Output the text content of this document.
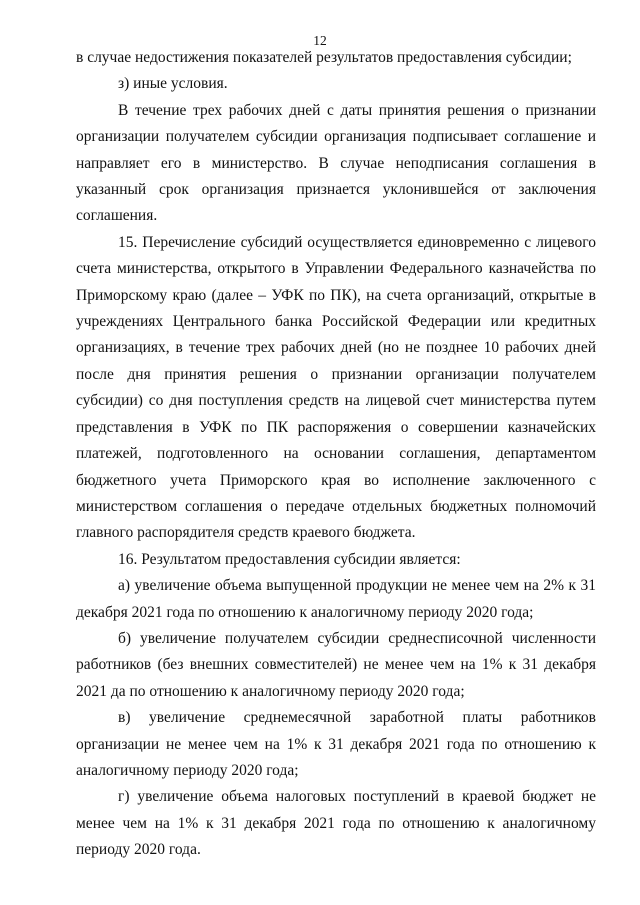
12

в случае недостижения показателей результатов предоставления субсидии;

з) иные условия.

В течение трех рабочих дней с даты принятия решения о признании организации получателем субсидии организация подписывает соглашение и направляет его в министерство. В случае неподписания соглашения в указанный срок организация признается уклонившейся от заключения соглашения.

15. Перечисление субсидий осуществляется единовременно с лицевого счета министерства, открытого в Управлении Федерального казначейства по Приморскому краю (далее – УФК по ПК), на счета организаций, открытые в учреждениях Центрального банка Российской Федерации или кредитных организациях, в течение трех рабочих дней (но не позднее 10 рабочих дней после дня принятия решения о признании организации получателем субсидии) со дня поступления средств на лицевой счет министерства путем представления в УФК по ПК распоряжения о совершении казначейских платежей, подготовленного на основании соглашения, департаментом бюджетного учета Приморского края во исполнение заключенного с министерством соглашения о передаче отдельных бюджетных полномочий главного распорядителя средств краевого бюджета.

16. Результатом предоставления субсидии является:

а) увеличение объема выпущенной продукции не менее чем на 2% к 31 декабря 2021 года по отношению к аналогичному периоду 2020 года;

б) увеличение получателем субсидии среднесписочной численности работников (без внешних совместителей) не менее чем на 1% к 31 декабря 2021 да по отношению к аналогичному периоду 2020 года;

в) увеличение среднемесячной заработной платы работников организации не менее чем на 1% к 31 декабря 2021 года по отношению к аналогичному периоду 2020 года;

г) увеличение объема налоговых поступлений в краевой бюджет не менее чем на 1% к 31 декабря 2021 года по отношению к аналогичному периоду 2020 года.
